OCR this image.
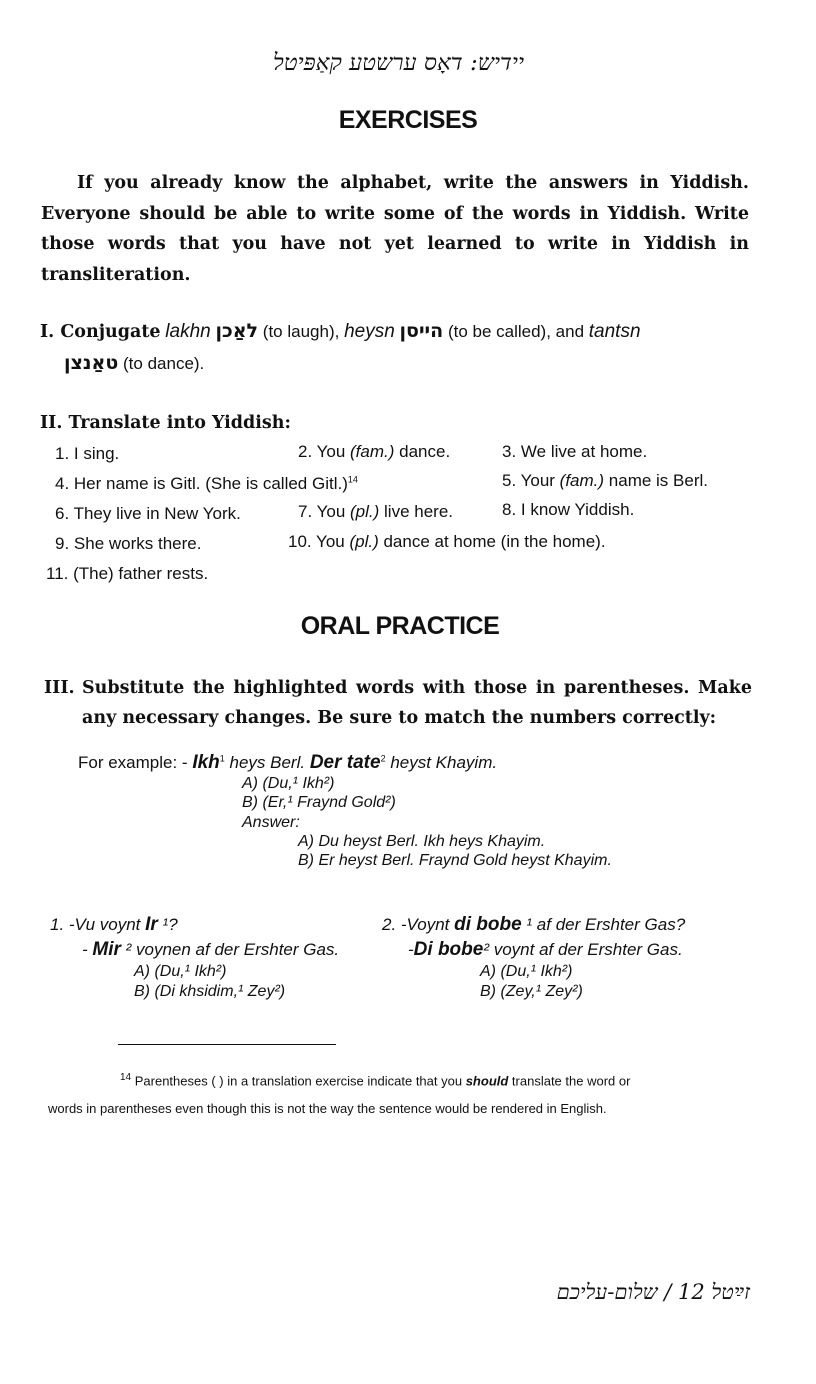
יידיש: דאָס ערשטע קאַפּיטל
EXERCISES

If you already know the alphabet, write the answers in Yiddish.

Everyone should be able to write some of the words in Yiddish. Write

those words that you have not yet learned to write in Yiddish in

transliteration.

I. Conjugate lakhn לאַכן (to laugh), heysn הייסן (to be called), and tantsn
טאַנצן (to dance).
II. Translate into Yiddish:
1. I sing.	2. You (fam.) dance.	3. We live at home.
4. Her name is Gitl. (She is called Gitl.)$^{14}$	5. Your (fam.) name is Berl.
6. They live in New York.	7. You (pl.) live here.	8. I know Yiddish.
9. She works there.	10. You (pl.) dance at home (in the home).
11. (The) father rests.
ORAL PRACTICE
III. Substitute the highlighted words with those in parentheses. Make
any necessary changes. Be sure to match the numbers correctly:
For example: - Ikh$^1$ heys Berl. Der tate$^2$ heyst Khayim.
A) (Du,¹ Ikh²)
B) (Er,¹ Fraynd Gold²)
Answer:
A) Du heyst Berl. Ikh heys Khayim.
B) Er heyst Berl. Fraynd Gold heyst Khayim.
1. -Vu voynt Ir ¹?
- Mir ² voynen af der Ershter Gas.
A) (Du,¹ Ikh²)
B) (Di khsidim,¹ Zey²)
2. -Voynt di bobe ¹ af der Ershter Gas?
-Di bobe² voynt af der Ershter Gas.
A) (Du,¹ Ikh²)
B) (Zey,¹ Zey²)
$^{14}$ Parentheses ( ) in a translation exercise indicate that you should translate the word or
words in parentheses even though this is not the way the sentence would be rendered in English.
זײַטל 12 / שלום-עליכם
